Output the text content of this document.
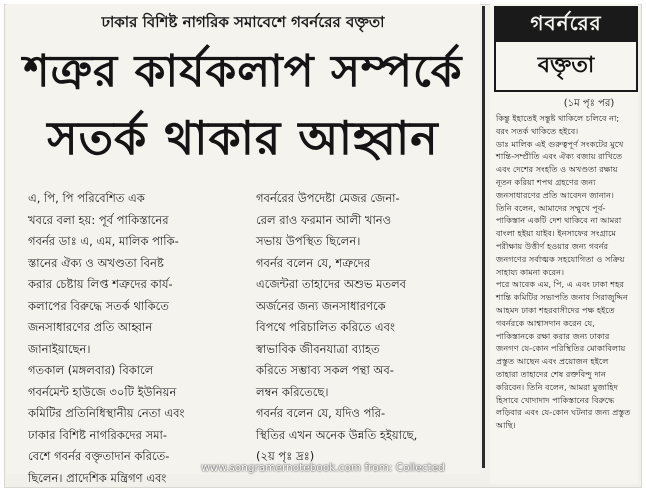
ঢাকার বিশিষ্ট নাগরিক সমাবেশে গবর্নরের বক্তৃতা
শত্রুর কার্যকলাপ সম্পর্কে
সতর্ক থাকার আহ্বান
এ, পি, পি পরিবেশিত এক
খবরে বলা হয়: পূর্ব পাকিস্তানের
গবর্নর ডাঃ এ, এম, মালিক পাকি-
স্তানের ঐক্য ও অখণ্ডতা বিনষ্ট
করার চেষ্টায় লিপ্ত শত্রুদের কার্য-
কলাপের বিরুদ্ধে সতর্ক থাকিতে
জনসাধারণের প্রতি আহ্বান
জানাইয়াছেন।
গতকাল (মঙ্গলবার) বিকালে
গবর্নমেন্ট হাউজে ৩০টি ইউনিয়ন
কমিটির প্রতিনিধিস্থানীয় নেতা এবং
ঢাকার বিশিষ্ট নাগরিকদের সমা-
বেশে গবর্নর বক্তৃতাদান করিতে-
ছিলেন। প্রাদেশিক মন্ত্রিগণ এবং
গবর্নরের উপদেষ্টা মেজর জেনা-
রেল রাও ফরমান আলী খানও
সভায় উপস্থিত ছিলেন।
গবর্নর বলেন যে, শত্রুদের
এজেন্টরা তাহাদের অশুভ মতলব
অর্জনের জন্য জনসাধারণকে
বিপথে পরিচালিত করিতে এবং
স্বাভাবিক জীবনযাত্রা ব্যাহত
করিতে সম্ভাব্য সকল পন্থা অব-
লম্বন করিতেছে।
গবর্নর বলেন যে, যদিও পরি-
স্থিতির এখন অনেক উন্নতি হইয়াছে,
(২য় পৃঃ দ্রঃ)
গবর্নরের
বক্তৃতা
(১ম পৃঃ পর)
কিন্তু ইহাতেই সন্তুষ্ট থাকিলে চলিবে না; বরং সতর্ক থাকিতে হইবে।
ডাঃ মালিক এই গুরুত্বপূর্ণ সংকটের মুখে শান্তি-সম্প্রীতি এবং ঐক্য বজায় রাখিতে এবং দেশের সংহতি ও অখণ্ডতা রক্ষায় নূতন করিয়া শপথ গ্রহণের জন্য জনসাধারণের প্রতি আবেদন জানান।
তিনি বলেন, আমাদের সম্মুখে পূর্ব-পাকিস্তান একটি দেশ থাকিবে না আমরা বাংলা হইয়া যাইব। ইনসাফের সংগ্রামে পরীক্ষায় উত্তীর্ণ হওয়ার জন্য গবর্নর জনগণের সর্বাত্মক সহযোগিতা ও সক্রিয় সাহায্য কামনা করেন।
পরে আবেক এম, পি, এ এবং ঢাকা শহর শান্তি কমিটির সভাপতি জনাব সিরাজুদ্দিন আহমদ ঢাকা শহরবাসীদের পক্ষ হইতে গবর্নরকে আশ্বাসদান করেন যে, পাকিস্তানকে রক্ষা করার জন্য ঢাকার জনগণ যে-কোন পরিস্থিতির মোকাবিলায় প্রস্তুত আছেন এবং প্রয়োজন হইলে তাহারা তাহাদের শেষ রক্তবিন্দু দান করিবেন। তিনি বলেন, আমরা মুজাহিদ হিসাবে খোদাদাদ পাকিস্তানের বিরুদ্ধে লড়িবার এবং যে-কোন ঘটনার জন্য প্রস্তুত আছি।
www.songramernotebook.com from: Collected
